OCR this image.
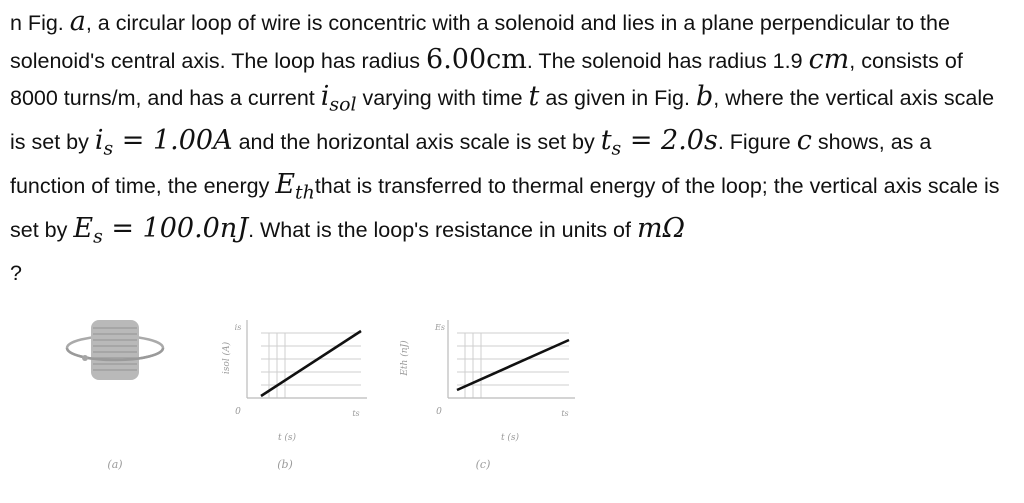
n Fig. a, a circular loop of wire is concentric with a solenoid and lies in a plane perpendicular to the solenoid's central axis. The loop has radius 6.00cm. The solenoid has radius 1.9 cm, consists of 8000 turns/m, and has a current $i_{sol}$ varying with time t as given in Fig. b, where the vertical axis scale is set by $i_s = 1.00A$ and the horizontal axis scale is set by $t_s = 2.0s$. Figure c shows, as a function of time, the energy $E_{th}that$ is transferred to thermal energy of the loop; the vertical axis scale is set by $E_s = 100.0nJ$. What is the loop's resistance in units of mΩ
?

(a)
is
isol (A)
0	ts
t (s)
(b)
Es
Eth (nJ)
0	ts
t (s)
(c)
